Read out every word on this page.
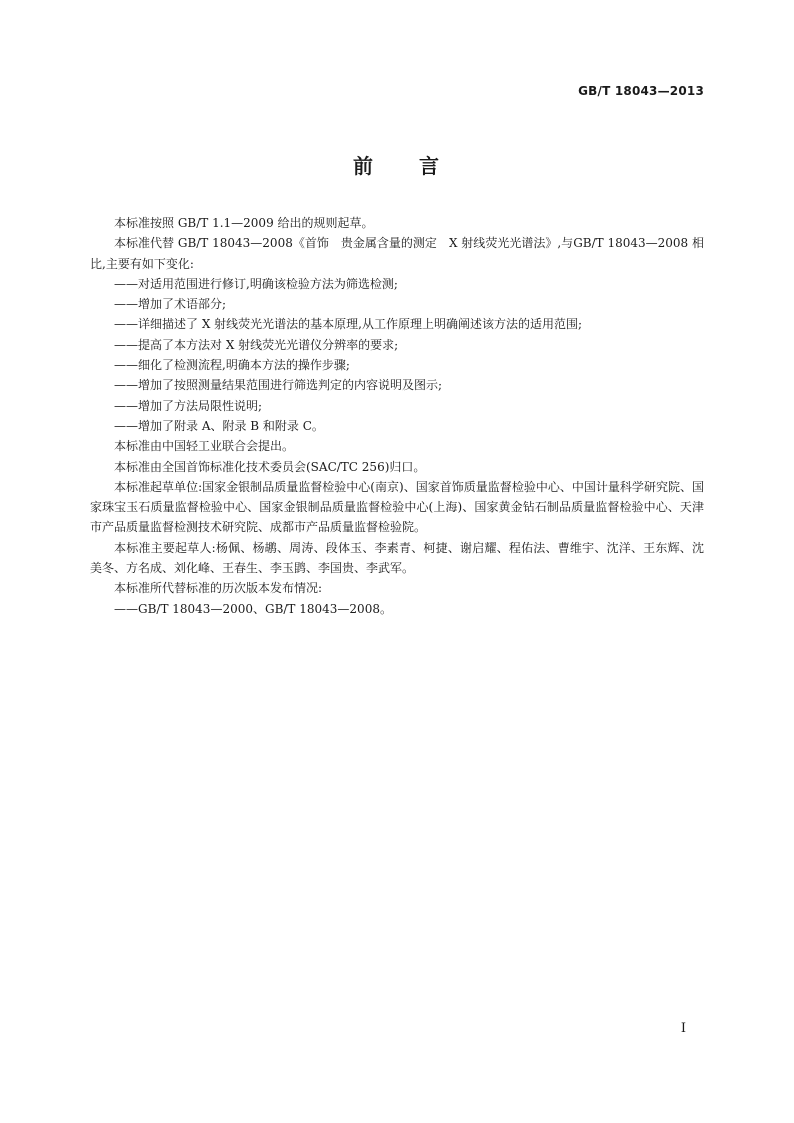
GB/T 18043—2013
前　　言

本标准按照 GB/T 1.1—2009 给出的规则起草。

本标准代替 GB/T 18043—2008《首饰　贵金属含量的测定　X 射线荧光光谱法》,与GB/T 18043—2008 相比,主要有如下变化:

——对适用范围进行修订,明确该检验方法为筛选检测;

——增加了术语部分;

——详细描述了 X 射线荧光光谱法的基本原理,从工作原理上明确阐述该方法的适用范围;

——提高了本方法对 X 射线荧光光谱仪分辨率的要求;

——细化了检测流程,明确本方法的操作步骤;

——增加了按照测量结果范围进行筛选判定的内容说明及图示;

——增加了方法局限性说明;

——增加了附录 A、附录 B 和附录 C。

本标准由中国轻工业联合会提出。

本标准由全国首饰标准化技术委员会(SAC/TC 256)归口。

本标准起草单位:国家金银制品质量监督检验中心(南京)、国家首饰质量监督检验中心、中国计量科学研究院、国家珠宝玉石质量监督检验中心、国家金银制品质量监督检验中心(上海)、国家黄金钻石制品质量监督检验中心、天津市产品质量监督检测技术研究院、成都市产品质量监督检验院。

本标准主要起草人:杨佩、杨鹕、周涛、段体玉、李素青、柯捷、谢启耀、程佑法、曹维宇、沈洋、王东辉、沈美冬、方名成、刘化峰、王春生、李玉鹍、李国贵、李武军。

本标准所代替标准的历次版本发布情况:

——GB/T 18043—2000、GB/T 18043—2008。

I
